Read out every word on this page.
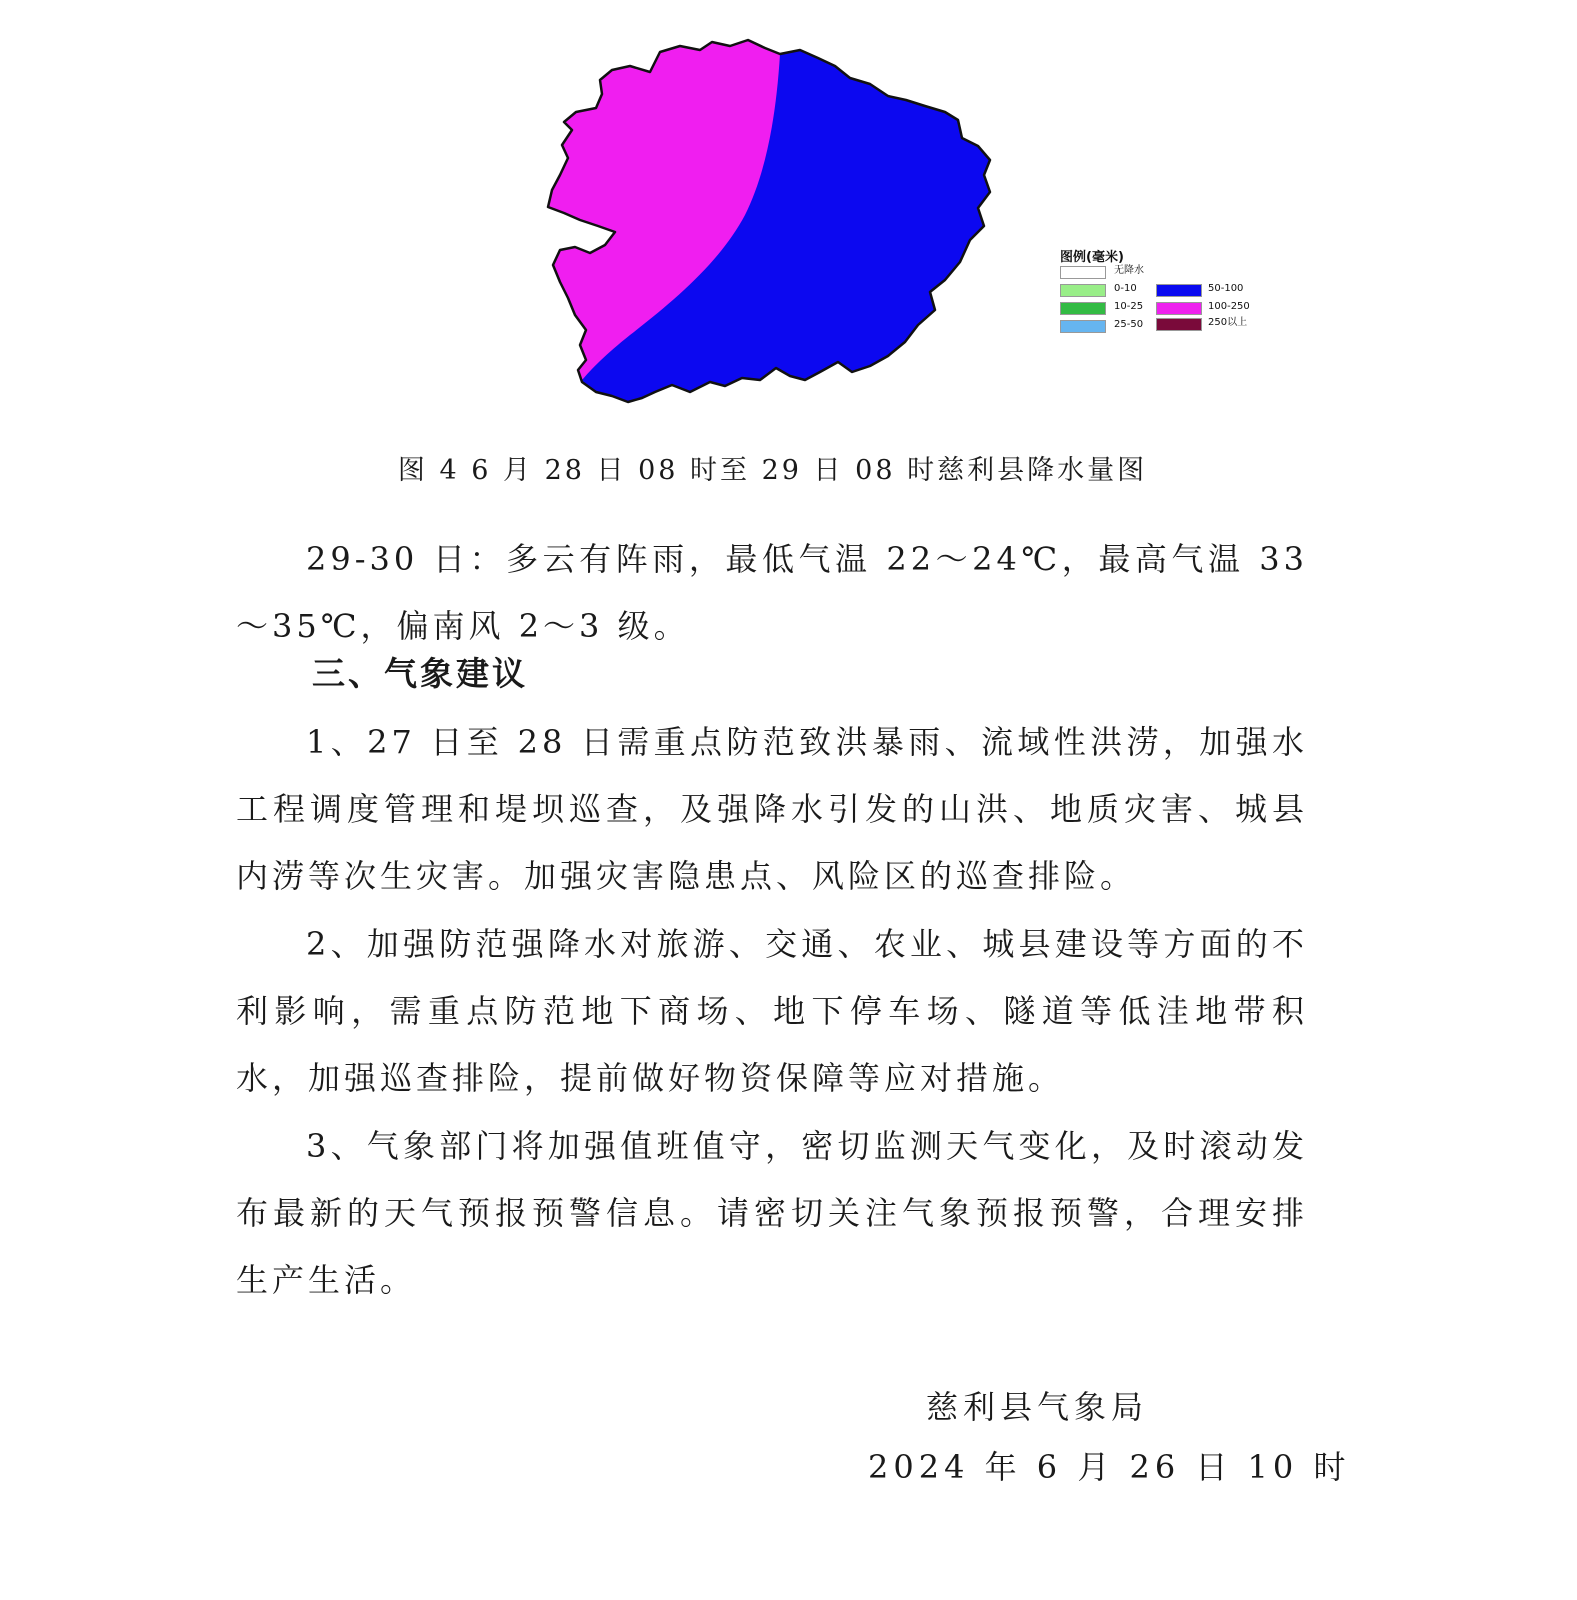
图例(毫米)
无降水
0-10
10-25
25-50
50-100
100-250
250以上
图 4 6 月 28 日 08 时至 29 日 08 时慈利县降水量图

29-30 日：多云有阵雨，最低气温 22～24℃，最高气温 33～35℃，偏南风 2～3 级。

三、气象建议

1、27 日至 28 日需重点防范致洪暴雨、流域性洪涝，加强水工程调度管理和堤坝巡查，及强降水引发的山洪、地质灾害、城县内涝等次生灾害。加强灾害隐患点、风险区的巡查排险。

2、加强防范强降水对旅游、交通、农业、城县建设等方面的不利影响，需重点防范地下商场、地下停车场、隧道等低洼地带积水，加强巡查排险，提前做好物资保障等应对措施。

3、气象部门将加强值班值守，密切监测天气变化，及时滚动发布最新的天气预报预警信息。请密切关注气象预报预警，合理安排生产生活。

慈利县气象局
2024 年 6 月 26 日 10 时
